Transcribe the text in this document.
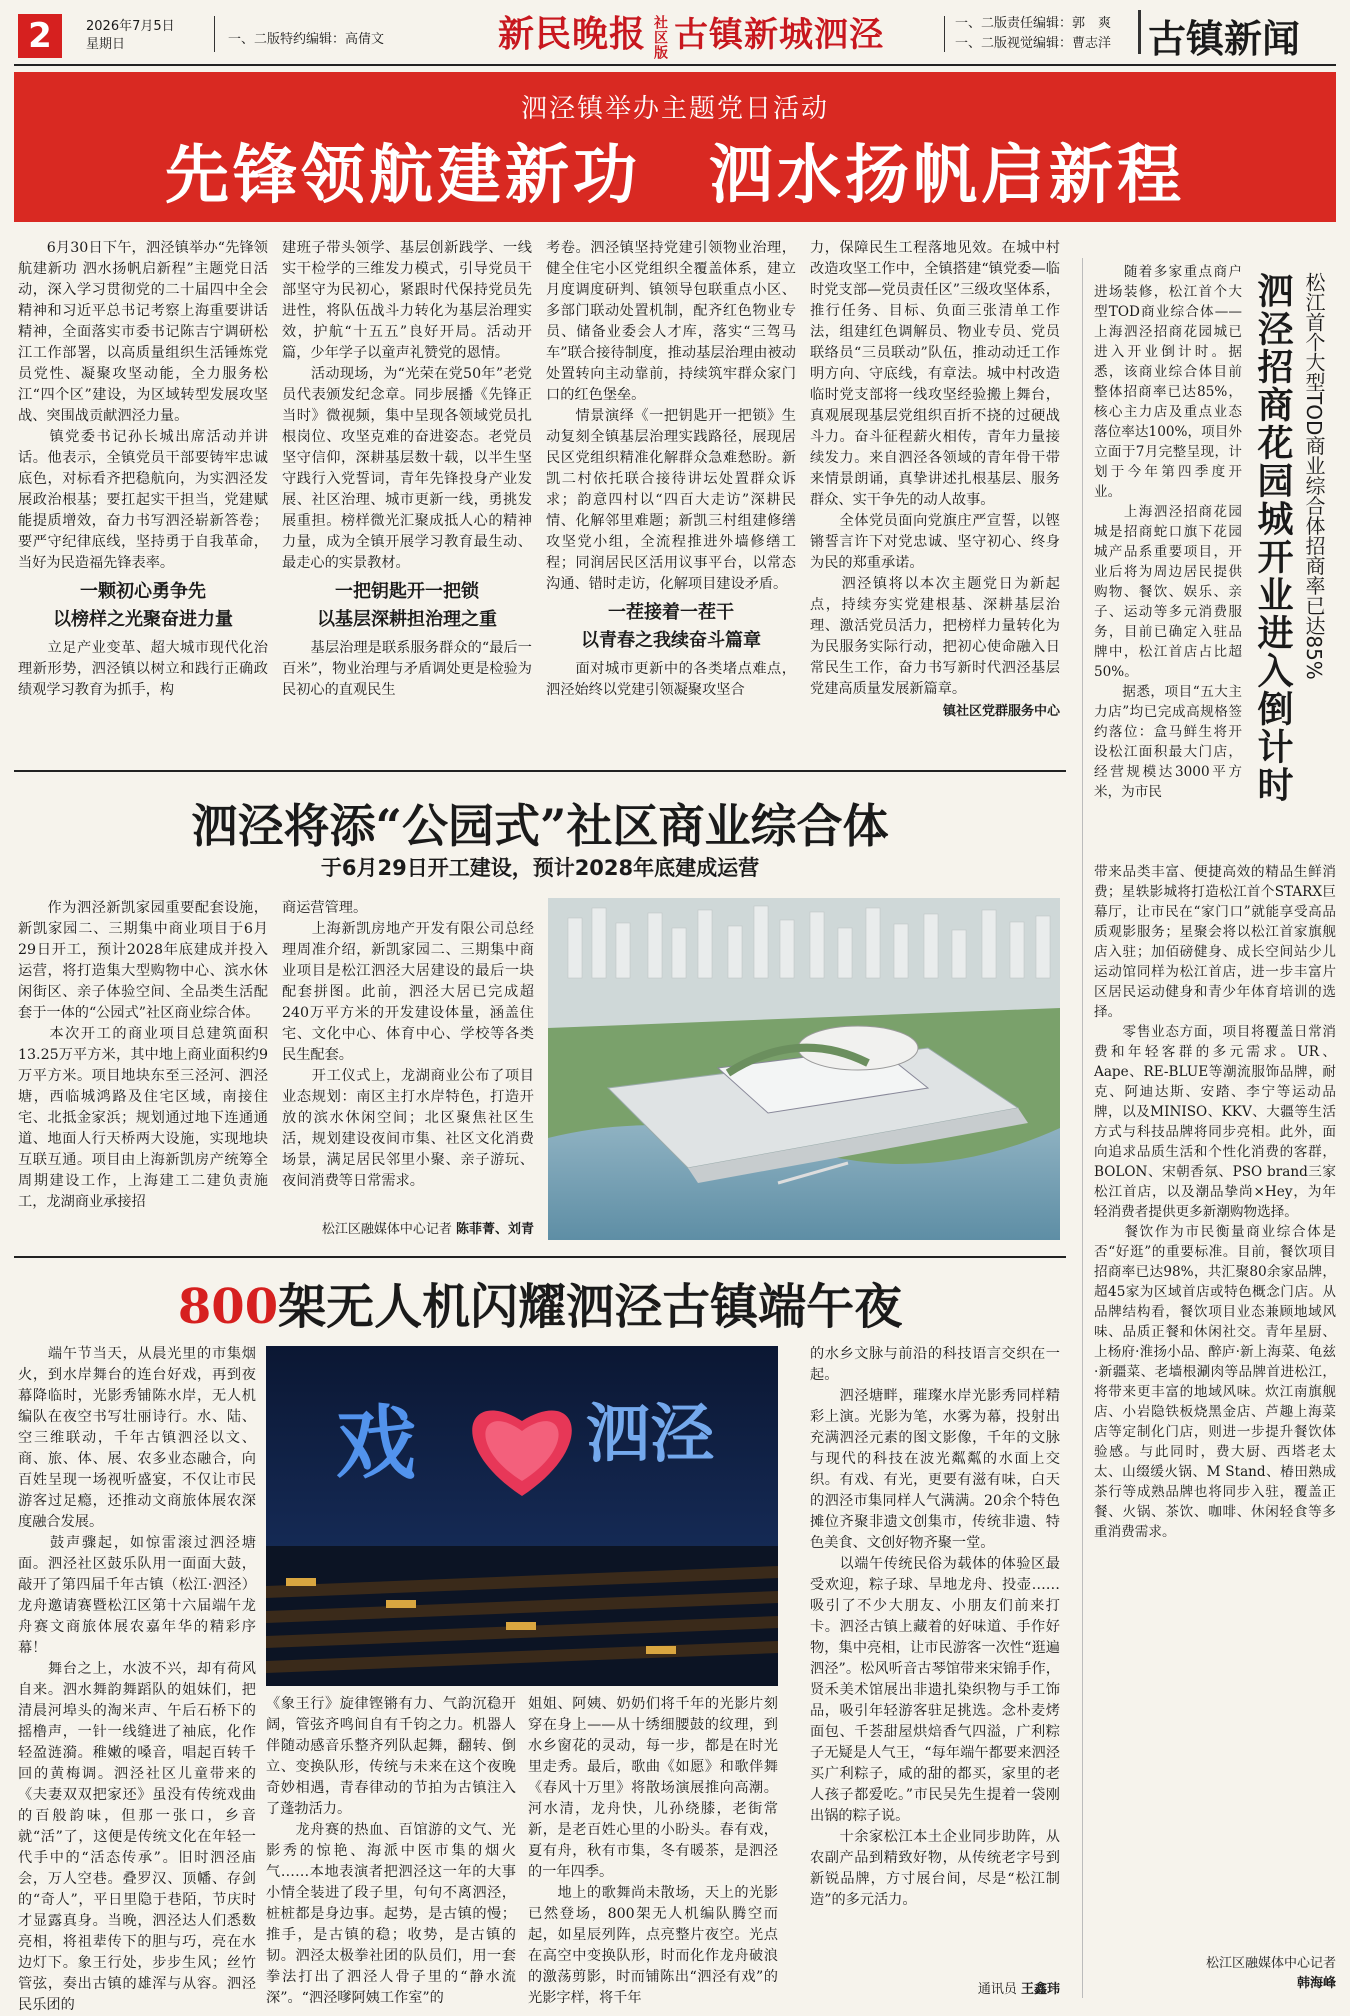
2	2026年7月5日
星期日	一、二版特约编辑：高倩文	新民晚报 社区版 古镇新城泗泾	一、二版责任编辑：郭　爽
一、二版视觉编辑：曹志洋 古镇新闻
泗泾镇举办主题党日活动
先锋领航建新功　泗水扬帆启新程
　　6月30日下午，泗泾镇举办“先锋领航建新功 泗水扬帆启新程”主题党日活动，深入学习贯彻党的二十届四中全会精神和习近平总书记考察上海重要讲话精神，全面落实市委书记陈吉宁调研松江工作部署，以高质量组织生活锤炼党员党性、凝聚攻坚动能，全力服务松江“四个区”建设，为区域转型发展攻坚战、突围战贡献泗泾力量。
　　镇党委书记孙长城出席活动并讲话。他表示，全镇党员干部要铸牢忠诚底色，对标看齐把稳航向，为实泗泾发展政治根基；要扛起实干担当，党建赋能提质增效，奋力书写泗泾崭新答卷；要严守纪律底线，坚持勇于自我革命，当好为民造福先锋表率。
一颗初心勇争先
以榜样之光聚奋进力量
　　立足产业变革、超大城市现代化治理新形势，泗泾镇以树立和践行正确政绩观学习教育为抓手，构
建班子带头领学、基层创新践学、一线实干检学的三维发力模式，引导党员干部坚守为民初心，紧跟时代保持党员先进性，将队伍战斗力转化为基层治理实效，护航“十五五”良好开局。活动开篇，少年学子以童声礼赞党的恩情。
　　活动现场，为“光荣在党50年”老党员代表颁发纪念章。同步展播《先锋正当时》微视频，集中呈现各领域党员扎根岗位、攻坚克难的奋进姿态。老党员坚守信仰，深耕基层数十载，以半生坚守践行入党誓词，青年先锋投身产业发展、社区治理、城市更新一线，勇挑发展重担。榜样微光汇聚成抵人心的精神力量，成为全镇开展学习教育最生动、最走心的实景教材。
一把钥匙开一把锁
以基层深耕担治理之重
　　基层治理是联系服务群众的“最后一百米”，物业治理与矛盾调处更是检验为民初心的直观民生
考卷。泗泾镇坚持党建引领物业治理，健全住宅小区党组织全覆盖体系，建立月度调度研判、镇领导包联重点小区、多部门联动处置机制，配齐红色物业专员、储备业委会人才库，落实“三驾马车”联合接待制度，推动基层治理由被动处置转向主动靠前，持续筑牢群众家门口的红色堡垒。
　　情景演绎《一把钥匙开一把锁》生动复刻全镇基层治理实践路径，展现居民区党组织精准化解群众急难愁盼。新凯二村依托联合接待讲坛处置群众诉求；韵意四村以“四百大走访”深耕民情、化解邻里难题；新凯三村组建修缮攻坚党小组，全流程推进外墙修缮工程；同润居民区活用议事平台，以常态沟通、错时走访，化解项目建设矛盾。
一茬接着一茬干
以青春之我续奋斗篇章
　　面对城市更新中的各类堵点难点，泗泾始终以党建引领凝聚攻坚合
力，保障民生工程落地见效。在城中村改造攻坚工作中，全镇搭建“镇党委—临时党支部—党员责任区”三级攻坚体系，推行任务、目标、负面三张清单工作法，组建红色调解员、物业专员、党员联络员“三员联动”队伍，推动动迁工作明方向、守底线，有章法。城中村改造临时党支部将一线攻坚经验搬上舞台，真观展现基层党组织百折不挠的过硬战斗力。奋斗征程薪火相传，青年力量接续发力。来自泗泾各领域的青年骨干带来情景朗诵，真挚讲述扎根基层、服务群众、实干争先的动人故事。
　　全体党员面向党旗庄严宣誓，以铿锵誓言许下对党忠诚、坚守初心、终身为民的郑重承诺。
　　泗泾镇将以本次主题党日为新起点，持续夯实党建根基、深耕基层治理、激活党员活力，把榜样力量转化为为民服务实际行动，把初心使命融入日常民生工作，奋力书写新时代泗泾基层党建高质量发展新篇章。
镇社区党群服务中心
泗泾将添“公园式”社区商业综合体
于6月29日开工建设，预计2028年底建成运营
　　作为泗泾新凯家园重要配套设施，新凯家园二、三期集中商业项目于6月29日开工，预计2028年底建成并投入运营，将打造集大型购物中心、滨水休闲街区、亲子体验空间、全品类生活配套于一体的“公园式”社区商业综合体。
　　本次开工的商业项目总建筑面积13.25万平方米，其中地上商业面积约9万平方米。项目地块东至三泾河、泗泾塘，西临城鸿路及住宅区域，南接住宅、北抵金家浜；规划通过地下连通通道、地面人行天桥两大设施，实现地块互联互通。项目由上海新凯房产统筹全周期建设工作，上海建工二建负责施工，龙湖商业承接招
商运营管理。
　　上海新凯房地产开发有限公司总经理周准介绍，新凯家园二、三期集中商业项目是松江泗泾大居建设的最后一块配套拼图。此前，泗泾大居已完成超240万平方米的开发建设体量，涵盖住宅、文化中心、体育中心、学校等各类民生配套。
　　开工仪式上，龙湖商业公布了项目业态规划：南区主打水岸特色，打造开放的滨水休闲空间；北区聚焦社区生活，规划建设夜间市集、社区文化消费场景，满足居民邻里小聚、亲子游玩、夜间消费等日常需求。
松江区融媒体中心记者 陈菲菁、刘青
800架无人机闪耀泗泾古镇端午夜
　　端午节当天，从晨光里的市集烟火，到水岸舞台的连台好戏，再到夜幕降临时，光影秀铺陈水岸，无人机编队在夜空书写壮丽诗行。水、陆、空三维联动，千年古镇泗泾以文、商、旅、体、展、农多业态融合，向百姓呈现一场视听盛宴，不仅让市民游客过足瘾，还推动文商旅体展农深度融合发展。
　　鼓声骤起，如惊雷滚过泗泾塘面。泗泾社区鼓乐队用一面面大鼓，敲开了第四届千年古镇（松江·泗泾）龙舟邀请赛暨松江区第十六届端午龙舟赛文商旅体展农嘉年华的精彩序幕！
　　舞台之上，水波不兴，却有荷风自来。泗水舞韵舞蹈队的姐妹们，把清晨河埠头的淘米声、午后石桥下的摇橹声，一针一线缝进了袖底，化作轻盈涟漪。稚嫩的嗓音，唱起百转千回的黄梅调。泗泾社区儿童带来的《夫妻双双把家还》虽没有传统戏曲的百般韵味，但那一张口，乡音就“活”了，这便是传统文化在年轻一代手中的“活态传承”。旧时泗泾庙会，万人空巷。叠罗汉、顶幡、存剑的“奇人”，平日里隐于巷陌，节庆时才显露真身。当晚，泗泾达人们悉数亮相，将祖辈传下的胆与巧，亮在水边灯下。象王行处，步步生风；丝竹管弦，奏出古镇的雄浑与从容。泗泾民乐团的
戏	泗泾
《象王行》旋律铿锵有力、气韵沉稳开阔，管弦齐鸣间自有千钧之力。机器人伴随动感音乐整齐列队起舞，翻转、倒立、变换队形，传统与未来在这个夜晚奇妙相遇，青春律动的节拍为古镇注入了蓬勃活力。
　　龙舟赛的热血、百馆游的文气、光影秀的惊艳、海派中医市集的烟火气……本地表演者把泗泾这一年的大事小情全装进了段子里，句句不离泗泾，桩桩都是身边事。起势，是古镇的慢；推手，是古镇的稳；收势，是古镇的韧。泗泾太极拳社团的队员们，用一套拳法打出了泗泾人骨子里的“静水流深”。“泗泾嗲阿姨工作室”的
姐姐、阿姨、奶奶们将千年的光影片刻穿在身上——从十绣细腰鼓的纹理，到水乡窗花的灵动，每一步，都是在时光里走秀。最后，歌曲《如愿》和歌伴舞《春风十万里》将散场演展推向高潮。河水清，龙舟快，儿孙绕膝，老街常新，是老百姓心里的小盼头。春有戏，夏有舟，秋有市集，冬有暖茶，是泗泾的一年四季。
　　地上的歌舞尚未散场，天上的光影已然登场，800架无人机编队腾空而起，如星辰列阵，点亮整片夜空。光点在高空中变换队形，时而化作龙舟破浪的激荡剪影，时而铺陈出“泗泾有戏”的光影字样，将千年
的水乡文脉与前沿的科技语言交织在一起。
　　泗泾塘畔，璀璨水岸光影秀同样精彩上演。光影为笔，水雾为幕，投射出充满泗泾元素的图文影像，千年的文脉与现代的科技在波光粼粼的水面上交织。有戏、有光，更要有滋有味，白天的泗泾市集同样人气满满。20余个特色摊位齐聚非遗文创集市，传统非遗、特色美食、文创好物齐聚一堂。
　　以端午传统民俗为载体的体验区最受欢迎，粽子球、旱地龙舟、投壶……吸引了不少大朋友、小朋友们前来打卡。泗泾古镇上藏着的好味道、手作好物，集中亮相，让市民游客一次性“逛遍泗泾”。松风听音古琴馆带来宋锦手作，贤禾美术馆展出非遗扎染织物与手工饰品，吸引年轻游客驻足挑选。念朴麦烤面包、千荟甜屋烘焙香气四溢，广利粽子无疑是人气王，“每年端午都要来泗泾买广利粽子，咸的甜的都买，家里的老人孩子都爱吃。”市民吴先生提着一袋刚出锅的粽子说。
　　十余家松江本土企业同步助阵，从农副产品到精致好物，从传统老字号到新锐品牌，方寸展台间，尽是“松江制造”的多元活力。
通讯员 王鑫玮
松江首个大型TOD商业综合体招商率已达85%
泗泾招商花园城开业进入倒计时
　　随着多家重点商户进场装修，松江首个大型TOD商业综合体——上海泗泾招商花园城已进入开业倒计时。据悉，该商业综合体目前整体招商率已达85%，核心主力店及重点业态落位率达100%，项目外立面于7月完整呈现，计划于今年第四季度开业。
　　上海泗泾招商花园城是招商蛇口旗下花园城产品系重要项目，开业后将为周边居民提供购物、餐饮、娱乐、亲子、运动等多元消费服务，目前已确定入驻品牌中，松江首店占比超50%。
　　据悉，项目“五大主力店”均已完成高规格签约落位：盒马鲜生将开设松江面积最大门店，经营规模达3000平方米，为市民
带来品类丰富、便捷高效的精品生鲜消费；星轶影城将打造松江首个STARX巨幕厅，让市民在“家门口”就能享受高品质观影服务；星聚会将以松江首家旗舰店入驻；加佰磅健身、成长空间站少儿运动馆同样为松江首店，进一步丰富片区居民运动健身和青少年体育培训的选择。
　　零售业态方面，项目将覆盖日常消费和年轻客群的多元需求。UR、Aape、RE-BLUE等潮流服饰品牌，耐克、阿迪达斯、安踏、李宁等运动品牌，以及MINISO、KKV、大疆等生活方式与科技品牌将同步亮相。此外，面向追求品质生活和个性化消费的客群，BOLON、宋朝香氛、PSO brand三家松江首店，以及潮品挚尚×Hey，为年轻消费者提供更多新潮购物选择。
　　餐饮作为市民衡量商业综合体是否“好逛”的重要标准。目前，餐饮项目招商率已达98%，共汇聚80余家品牌，超45家为区域首店或特色概念门店。从品牌结构看，餐饮项目业态兼顾地域风味、品质正餐和休闲社交。青年星厨、上杨府·淮扬小品、醉庐·新上海菜、龟兹·新疆菜、老墙根涮肉等品牌首进松江，将带来更丰富的地域风味。炊江南旗舰店、小岩隐铁板烧黑金店、芦趣上海菜店等定制化门店，则进一步提升餐饮体验感。与此同时，费大厨、西塔老太太、山缀缓火锅、M Stand、椿田熟成茶行等成熟品牌也将同步入驻，覆盖正餐、火锅、茶饮、咖啡、休闲轻食等多重消费需求。
松江区融媒体中心记者
韩海峰
